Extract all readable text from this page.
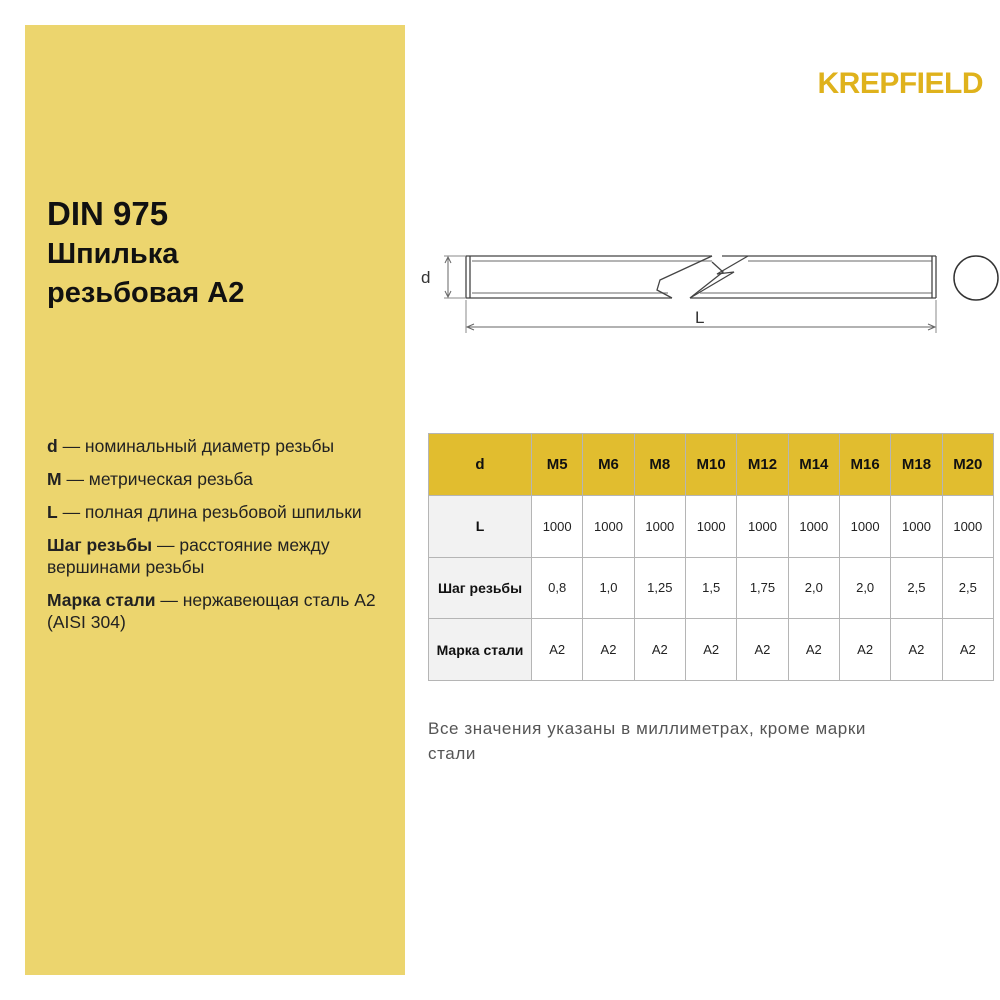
DIN 975
Шпилька
резьбовая А2
d — номинальный диаметр резьбы
M — метрическая резьба
L — полная длина резьбовой шпильки
Шаг резьбы — расстояние между вершинами резьбы
Марка стали — нержавеющая сталь A2 (AISI 304)
KREPFIELD
d
L
d	M5	M6	M8	M10	M12	M14	M16	M18	M20
L	1000	1000	1000	1000	1000	1000	1000	1000	1000
Шаг резьбы	0,8	1,0	1,25	1,5	1,75	2,0	2,0	2,5	2,5
Марка стали	A2	A2	A2	A2	A2	A2	A2	A2	A2
Все значения указаны в миллиметрах, кроме марки стали
